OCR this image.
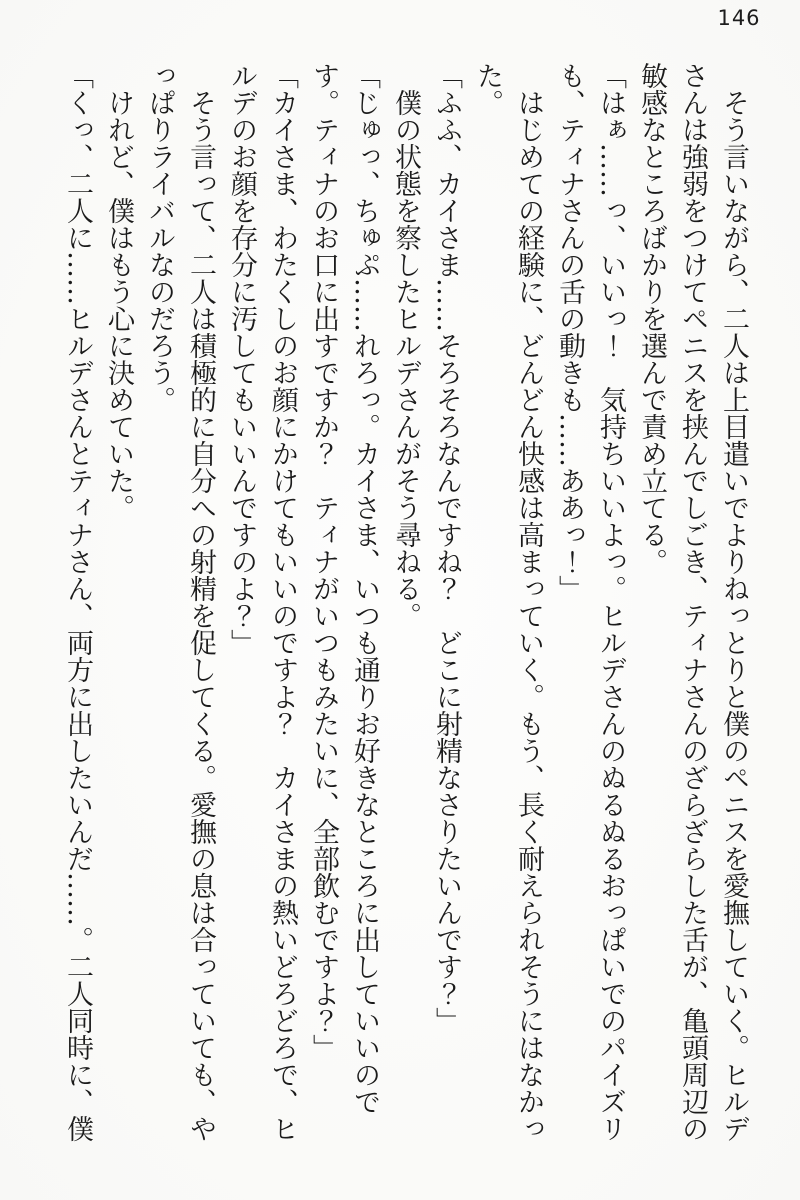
146

そう言いながら、二人は上目遣いでよりねっとりと僕のペニスを愛撫していく。ヒルデさんは強弱をつけてペニスを挟んでしごき、ティナさんのざらざらした舌が、亀頭周辺の敏感なところばかりを選んで責め立てる。

「はぁ……っ、いいっ！　気持ちいいよっ。ヒルデさんのぬるぬるおっぱいでのパイズリも、ティナさんの舌の動きも……ああっ！」

はじめての経験に、どんどん快感は高まっていく。もう、長く耐えられそうにはなかった。

「ふふ、カイさま……そろそろなんですね？　どこに射精なさりたいんです？」

僕の状態を察したヒルデさんがそう尋ねる。

「じゅっ、ちゅぷ……れろっ。カイさま、いつも通りお好きなところに出していいのです。ティナのお口に出すですか？　ティナがいつもみたいに、全部飲むですよ？」

「カイさま、わたくしのお顔にかけてもいいのですよ？　カイさまの熱いどろどろで、ヒルデのお顔を存分に汚してもいいんですのよ？」

そう言って、二人は積極的に自分への射精を促してくる。愛撫の息は合っていても、やっぱりライバルなのだろう。

けれど、僕はもう心に決めていた。

「くっ、二人に……ヒルデさんとティナさん、両方に出したいんだ……。二人同時に、僕
